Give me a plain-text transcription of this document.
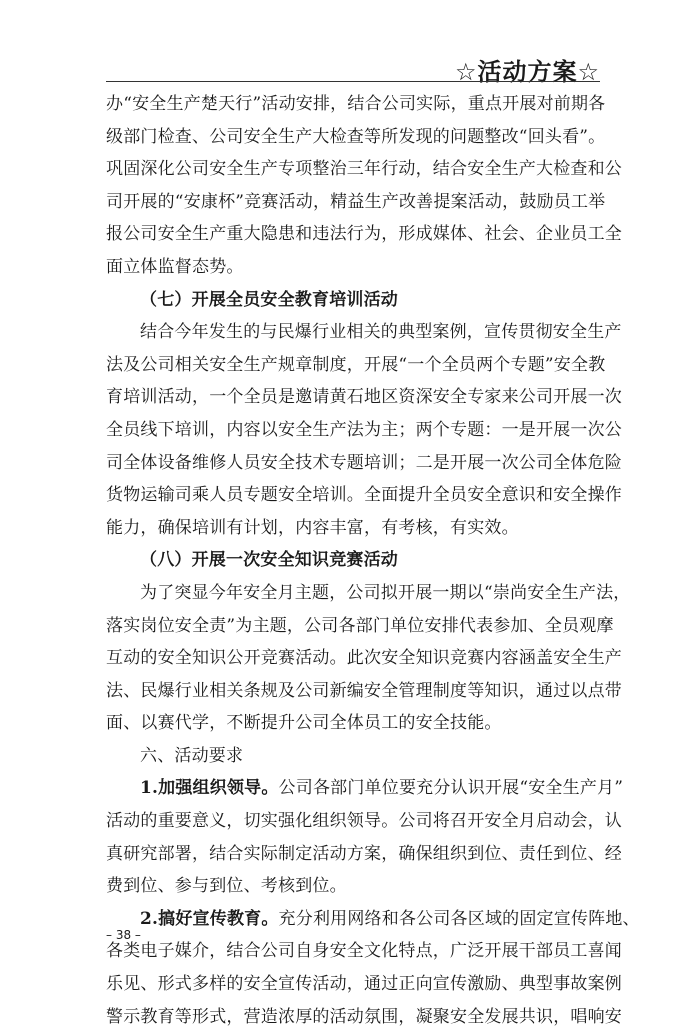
☆活动方案☆
办“安全生产楚天行”活动安排，结合公司实际，重点开展对前期各
级部门检查、公司安全生产大检查等所发现的问题整改“回头看”。
巩固深化公司安全生产专项整治三年行动，结合安全生产大检查和公
司开展的“安康杯”竞赛活动，精益生产改善提案活动，鼓励员工举
报公司安全生产重大隐患和违法行为，形成媒体、社会、企业员工全
面立体监督态势。
（七）开展全员安全教育培训活动
结合今年发生的与民爆行业相关的典型案例，宣传贯彻安全生产
法及公司相关安全生产规章制度，开展“一个全员两个专题”安全教
育培训活动，一个全员是邀请黄石地区资深安全专家来公司开展一次
全员线下培训，内容以安全生产法为主；两个专题：一是开展一次公
司全体设备维修人员安全技术专题培训；二是开展一次公司全体危险
货物运输司乘人员专题安全培训。全面提升全员安全意识和安全操作
能力，确保培训有计划，内容丰富，有考核，有实效。
（八）开展一次安全知识竞赛活动
为了突显今年安全月主题，公司拟开展一期以“崇尚安全生产法，
落实岗位安全责”为主题，公司各部门单位安排代表参加、全员观摩
互动的安全知识公开竞赛活动。此次安全知识竞赛内容涵盖安全生产
法、民爆行业相关条规及公司新编安全管理制度等知识，通过以点带
面、以赛代学，不断提升公司全体员工的安全技能。
六、活动要求
1.加强组织领导。公司各部门单位要充分认识开展“安全生产月”
活动的重要意义，切实强化组织领导。公司将召开安全月启动会，认
真研究部署，结合实际制定活动方案，确保组织到位、责任到位、经
费到位、参与到位、考核到位。
2.搞好宣传教育。充分利用网络和各公司各区域的固定宣传阵地、
各类电子媒介，结合公司自身安全文化特点，广泛开展干部员工喜闻
乐见、形式多样的安全宣传活动，通过正向宣传激励、典型事故案例
警示教育等形式，营造浓厚的活动氛围，凝聚安全发展共识，唱响安
– 38 –
